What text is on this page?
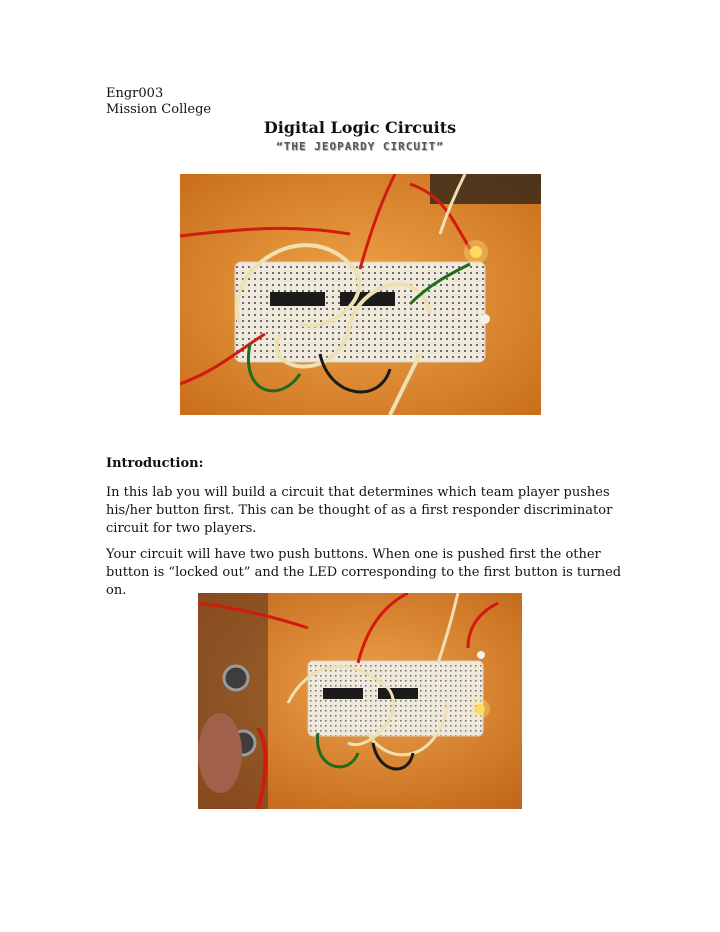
Engr003
Mission College
Digital Logic Circuits
“THE JEOPARDY CIRCUIT”
Introduction:
In this lab you will build a circuit that determines which team player pushes his/her button first. This can be thought of as a first responder discriminator circuit for two players.
Your circuit will have two push buttons. When one is pushed first the other button is “locked out” and the LED corresponding to the first button is turned on.
